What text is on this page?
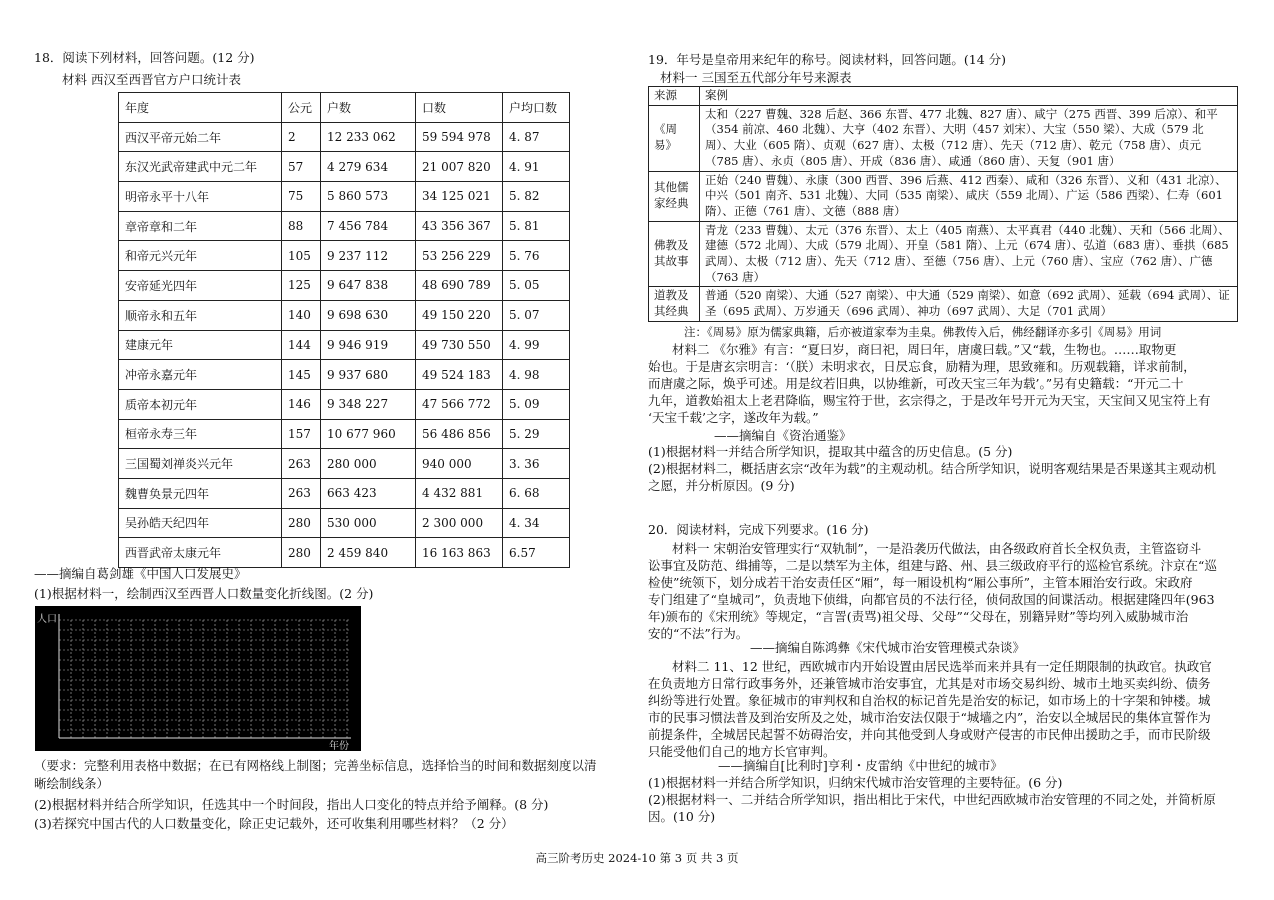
18．阅读下列材料，回答问题。(12 分)
材料 西汉至西晋官方户口统计表
年度	公元	户数	口数	户均口数
西汉平帝元始二年	2	12 233 062	59 594 978	4. 87
东汉光武帝建武中元二年	57	4 279 634	21 007 820	4. 91
明帝永平十八年	75	5 860 573	34 125 021	5. 82
章帝章和二年	88	7 456 784	43 356 367	5. 81
和帝元兴元年	105	9 237 112	53 256 229	5. 76
安帝延光四年	125	9 647 838	48 690 789	5. 05
顺帝永和五年	140	9 698 630	49 150 220	5. 07
建康元年	144	9 946 919	49 730 550	4. 99
冲帝永嘉元年	145	9 937 680	49 524 183	4. 98
质帝本初元年	146	9 348 227	47 566 772	5. 09
桓帝永寿三年	157	10 677 960	56 486 856	5. 29
三国蜀刘禅炎兴元年	263	280 000	940 000	3. 36
魏曹奂景元四年	263	663 423	4 432 881	6. 68
吴孙皓天纪四年	280	530 000	2 300 000	4. 34
西晋武帝太康元年	280	2 459 840	16 163 863	6.57
——摘编自葛剑雄《中国人口发展史》
(1)根据材料一，绘制西汉至西晋人口数量变化折线图。(2 分)
人口
年份
（要求：完整利用表格中数据；在已有网格线上制图；完善坐标信息，选择恰当的时间和数据刻度以清
晰绘制线条）
(2)根据材料并结合所学知识，任选其中一个时间段，指出人口变化的特点并给予阐释。(8 分)
(3)若探究中国古代的人口数量变化，除正史记载外，还可收集利用哪些材料？（2 分）
19．年号是皇帝用来纪年的称号。阅读材料，回答问题。(14 分)
材料一 三国至五代部分年号来源表
来源	案例
《周易》	太和（227 曹魏、328 后赵、366 东晋、477 北魏、827 唐）、咸宁（275 西晋、399 后凉）、和平（354 前凉、460 北魏）、大亨（402 东晋）、大明（457 刘宋）、大宝（550 梁）、大成（579 北周）、大业（605 隋）、贞观（627 唐）、太极（712 唐）、先天（712 唐）、乾元（758 唐）、贞元（785 唐）、永贞（805 唐）、开成（836 唐）、咸通（860 唐）、天复（901 唐）
其他儒家经典	正始（240 曹魏）、永康（300 西晋、396 后燕、412 西秦）、咸和（326 东晋）、义和（431 北凉）、中兴（501 南齐、531 北魏）、大同（535 南梁）、咸庆（559 北周）、广运（586 西梁）、仁寿（601 隋）、正德（761 唐）、文德（888 唐）
佛教及其故事	青龙（233 曹魏）、太元（376 东晋）、太上（405 南燕）、太平真君（440 北魏）、天和（566 北周）、建德（572 北周）、大成（579 北周）、开皇（581 隋）、上元（674 唐）、弘道（683 唐）、垂拱（685 武周）、太极（712 唐）、先天（712 唐）、至德（756 唐）、上元（760 唐）、宝应（762 唐）、广德（763 唐）
道教及其经典	普通（520 南梁）、大通（527 南梁）、中大通（529 南梁）、如意（692 武周）、延载（694 武周）、证圣（695 武周）、万岁通天（696 武周）、神功（697 武周）、大足（701 武周）
注：《周易》原为儒家典籍，后亦被道家奉为圭臬。佛教传入后，佛经翻译亦多引《周易》用词
材料二 《尔雅》有言：“夏曰岁，商曰祀，周曰年，唐虞曰载。”又“载，生物也。……取物更
始也。于是唐玄宗明言：‘（朕）未明求衣，日昃忘食，励精为理，思致雍和。历观载籍，详求前制，
而唐虞之际，焕乎可述。用是纹若旧典，以协维新，可改天宝三年为载’。”另有史籍载：“开元二十
九年，道教始祖太上老君降临，赐宝符于世，玄宗得之，于是改年号开元为天宝，天宝间又见宝符上有
‘天宝千载’之字，遂改年为载。”
——摘编自《资治通鉴》
(1)根据材料一并结合所学知识，提取其中蕴含的历史信息。(5 分)
(2)根据材料二，概括唐玄宗“改年为载”的主观动机。结合所学知识，说明客观结果是否果遂其主观动机
之愿，并分析原因。(9 分)
20．阅读材料，完成下列要求。(16 分)
材料一 宋朝治安管理实行“双轨制”，一是沿袭历代做法，由各级政府首长全权负责，主管盗窃斗
讼事宜及防范、缉捕等，二是以禁军为主体，组建与路、州、县三级政府平行的巡检官系统。汴京在“巡
检使”统领下，划分成若干治安责任区“厢”，每一厢设机构“厢公事所”，主管本厢治安行政。宋政府
专门组建了“皇城司”，负责地下侦缉，向都官员的不法行径，侦伺敌国的间谍活动。根据建隆四年(963
年)颁布的《宋刑统》等规定，“言詈(责骂)祖父母、父母”“父母在，别籍异财”等均列入威胁城市治
安的“不法”行为。
——摘编自陈鸿彝《宋代城市治安管理模式杂谈》
材料二 11、12 世纪，西欧城市内开始设置由居民选举而来并具有一定任期限制的执政官。执政官
在负责地方日常行政事务外，还兼管城市治安事宜，尤其是对市场交易纠纷、城市土地买卖纠纷、债务
纠纷等进行处置。象征城市的审判权和自治权的标记首先是治安的标记，如市场上的十字架和钟楼。城
市的民事习惯法普及到治安所及之处，城市治安法仅限于“城墙之内”，治安以全城居民的集体宣誓作为
前提条件，全城居民起誓不妨碍治安，并向其他受到人身或财产侵害的市民伸出援助之手，而市民阶级
只能受他们自己的地方长官审判。
——摘编自[比利时]亨利・皮雷纳《中世纪的城市》
(1)根据材料一并结合所学知识，归纳宋代城市治安管理的主要特征。(6 分)
(2)根据材料一、二并结合所学知识，指出相比于宋代，中世纪西欧城市治安管理的不同之处，并简析原
因。(10 分)
高三阶考历史 2024-10 第 3 页 共 3 页
